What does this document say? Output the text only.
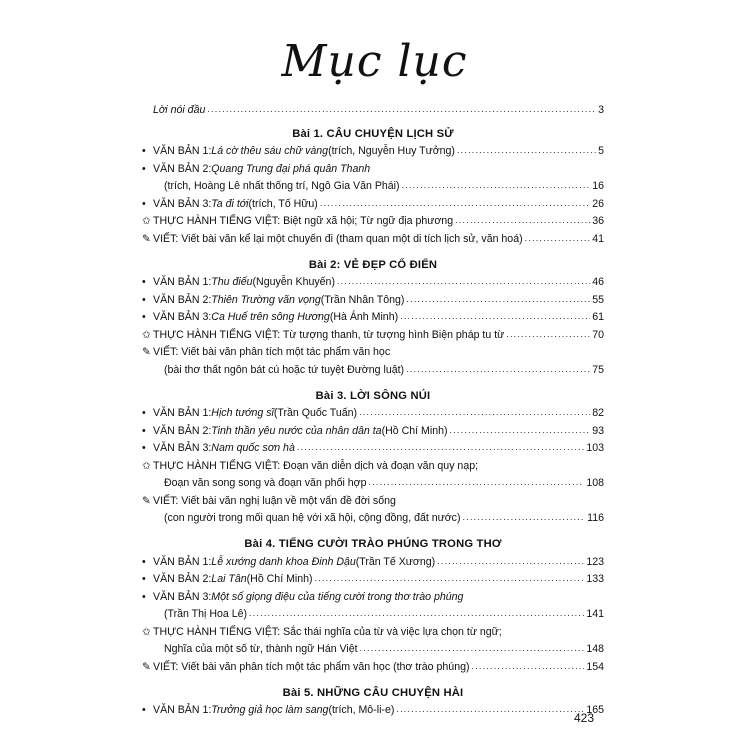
Mục lục
Lời nói đầu .....	3
Bài 1. CÂU CHUYỆN LỊCH SỬ
• VĂN BẢN 1: Lá cờ thêu sáu chữ vàng (trích, Nguyễn Huy Tưởng) .....	5
• VĂN BẢN 2: Quang Trung đại phá quân Thanh
(trích, Hoàng Lê nhất thống trí, Ngô Gia Văn Phái) .....	16
• VĂN BẢN 3: Ta đi tới (trích, Tố Hữu) .....	26
✩ THỰC HÀNH TIẾNG VIỆT: Biệt ngữ xã hội; Từ ngữ địa phương .....	36
✎ VIẾT: Viết bài văn kể lại một chuyến đi (tham quan một di tích lịch sử, văn hoá) .....	41
Bài 2: VẺ ĐẸP CỔ ĐIỂN
• VĂN BẢN 1: Thu điếu (Nguyễn Khuyến) .....	46
• VĂN BẢN 2: Thiên Trường vãn vọng (Trần Nhân Tông) .....	55
• VĂN BẢN 3: Ca Huế trên sông Hương (Hà Ánh Minh) .....	61
✩ THỰC HÀNH TIẾNG VIỆT: Từ tượng thanh, từ tượng hình Biện pháp tu từ .....	70
✎ VIẾT: Viết bài văn phân tích một tác phẩm văn học
(bài thơ thất ngôn bát cú hoặc tứ tuyệt Đường luật) .....	75
Bài 3. LỜI SÔNG NÚI
• VĂN BẢN 1: Hịch tướng sĩ (Trần Quốc Tuấn) .....	82
• VĂN BẢN 2: Tinh thần yêu nước của nhân dân ta (Hồ Chí Minh) .....	93
• VĂN BẢN 3: Nam quốc sơn hà .....	103
✩ THỰC HÀNH TIẾNG VIỆT: Đoạn văn diễn dịch và đoạn văn quy nạp;
Đoạn văn song song và đoạn văn phối hợp .....	108
✎ VIẾT: Viết bài văn nghị luận về một vấn đề đời sống
(con người trong mối quan hệ với xã hội, cộng đồng, đất nước) .....	116
Bài 4. TIẾNG CƯỜI TRÀO PHÚNG TRONG THƠ
• VĂN BẢN 1: Lễ xướng danh khoa Đinh Dậu (Trần Tế Xương) .....	123
• VĂN BẢN 2: Lai Tân (Hồ Chí Minh) .....	133
• VĂN BẢN 3: Một số giọng điệu của tiếng cười trong thơ trào phúng
(Trần Thị Hoa Lê) .....	141
✩ THỰC HÀNH TIẾNG VIỆT: Sắc thái nghĩa của từ và việc lựa chọn từ ngữ;
Nghĩa của một số từ, thành ngữ Hán Việt .....	148
✎ VIẾT: Viết bài văn phân tích một tác phẩm văn học (thơ trào phúng) .....	154
Bài 5. NHỮNG CÂU CHUYỆN HÀI
• VĂN BẢN 1: Trưởng giả học làm sang (trích, Mô-li-e) .....	165
423
